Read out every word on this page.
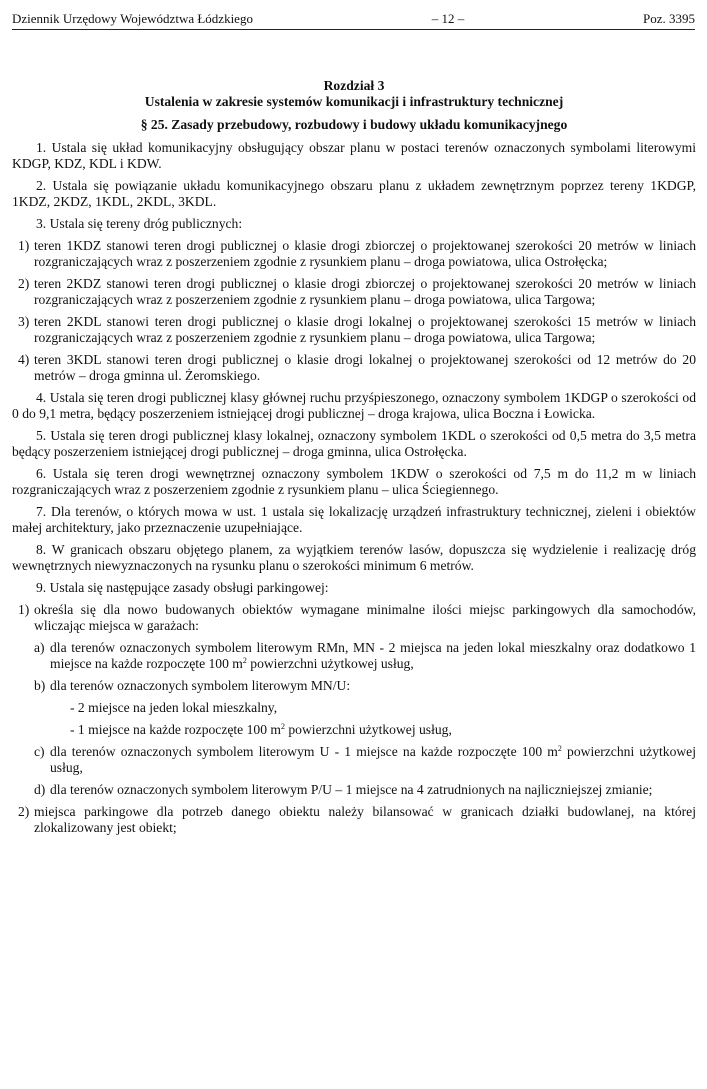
Dziennik Urzędowy Województwa Łódzkiego	– 12 –	Poz. 3395
Rozdział 3
Ustalenia w zakresie systemów komunikacji i infrastruktury technicznej
§ 25. Zasady przebudowy, rozbudowy i budowy układu komunikacyjnego

1. Ustala się układ komunikacyjny obsługujący obszar planu w postaci terenów oznaczonych symbolami literowymi KDGP, KDZ, KDL i KDW.

2. Ustala się powiązanie układu komunikacyjnego obszaru planu z układem zewnętrznym poprzez tereny 1KDGP, 1KDZ, 2KDZ, 1KDL, 2KDL, 3KDL.

3. Ustala się tereny dróg publicznych:

1) teren 1KDZ stanowi teren drogi publicznej o klasie drogi zbiorczej o projektowanej szerokości 20 metrów w liniach rozgraniczających wraz z poszerzeniem zgodnie z rysunkiem planu – droga powiatowa, ulica Ostrołęcka;
2) teren 2KDZ stanowi teren drogi publicznej o klasie drogi zbiorczej o projektowanej szerokości 20 metrów w liniach rozgraniczających wraz z poszerzeniem zgodnie z rysunkiem planu – droga powiatowa, ulica Targowa;
3) teren 2KDL stanowi teren drogi publicznej o klasie drogi lokalnej o projektowanej szerokości 15 metrów w liniach rozgraniczających wraz z poszerzeniem zgodnie z rysunkiem planu – droga powiatowa, ulica Targowa;
4) teren 3KDL stanowi teren drogi publicznej o klasie drogi lokalnej o projektowanej szerokości od 12 metrów do 20 metrów – droga gminna ul. Żeromskiego.

4. Ustala się teren drogi publicznej klasy głównej ruchu przyśpieszonego, oznaczony symbolem 1KDGP o szerokości od 0 do 9,1 metra, będący poszerzeniem istniejącej drogi publicznej – droga krajowa, ulica Boczna i Łowicka.

5. Ustala się teren drogi publicznej klasy lokalnej, oznaczony symbolem 1KDL o szerokości od 0,5 metra do 3,5 metra będący poszerzeniem istniejącej drogi publicznej – droga gminna, ulica Ostrołęcka.

6. Ustala się teren drogi wewnętrznej oznaczony symbolem 1KDW o szerokości od 7,5 m do 11,2 m w liniach rozgraniczających wraz z poszerzeniem zgodnie z rysunkiem planu – ulica Ściegiennego.

7. Dla terenów, o których mowa w ust. 1 ustala się lokalizację urządzeń infrastruktury technicznej, zieleni i obiektów małej architektury, jako przeznaczenie uzupełniające.

8. W granicach obszaru objętego planem, za wyjątkiem terenów lasów, dopuszcza się wydzielenie i realizację dróg wewnętrznych niewyznaczonych na rysunku planu o szerokości minimum 6 metrów.

9. Ustala się następujące zasady obsługi parkingowej:

1) określa się dla nowo budowanych obiektów wymagane minimalne ilości miejsc parkingowych dla samochodów, wliczając miejsca w garażach:
a) dla terenów oznaczonych symbolem literowym RMn, MN - 2 miejsca na jeden lokal mieszkalny oraz dodatkowo 1 miejsce na każde rozpoczęte 100 $m^2$ powierzchni użytkowej usług,
b) dla terenów oznaczonych symbolem literowym MN/U:
- 2 miejsce na jeden lokal mieszkalny,
- 1 miejsce na każde rozpoczęte 100 $m^2$ powierzchni użytkowej usług,
c) dla terenów oznaczonych symbolem literowym U - 1 miejsce na każde rozpoczęte 100 $m^2$ powierzchni użytkowej usług,
d) dla terenów oznaczonych symbolem literowym P/U – 1 miejsce na 4 zatrudnionych na najliczniejszej zmianie;
2) miejsca parkingowe dla potrzeb danego obiektu należy bilansować w granicach działki budowlanej, na której zlokalizowany jest obiekt;
